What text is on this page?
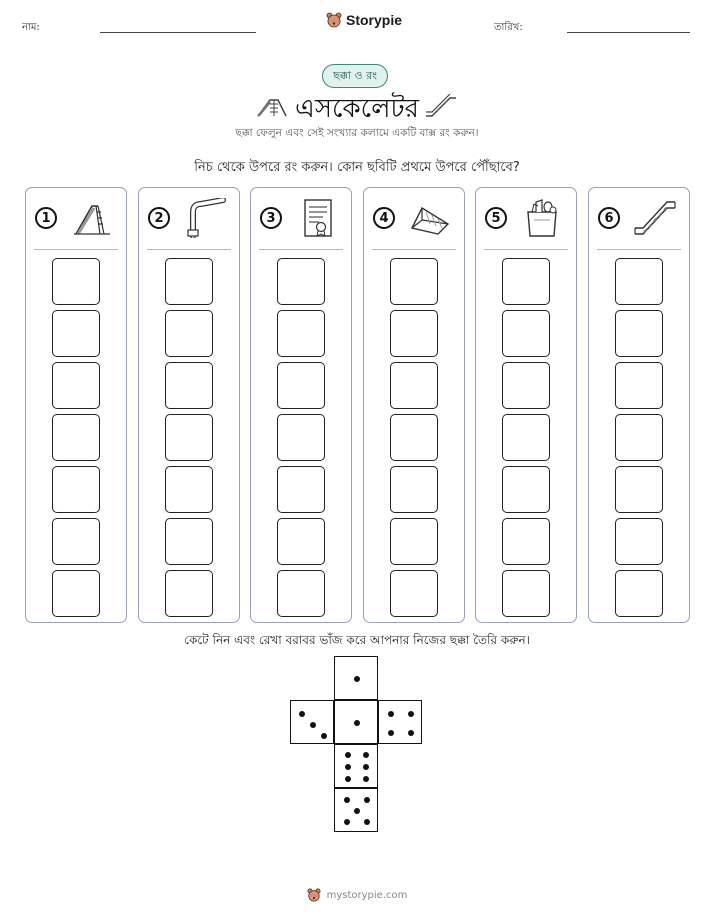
নাম:	Storypie	তারিখ:
ছক্কা ও রং
এসকেলেটর
ছক্কা ফেলুন এবং সেই সংখ্যার কলামে একটি বাক্স রং করুন।
নিচ থেকে উপরে রং করুন। কোন ছবিটি প্রথমে উপরে পৌঁছাবে?
1	2	3	4	5	6
কেটে নিন এবং রেখা বরাবর ভাঁজ করে আপনার নিজের ছক্কা তৈরি করুন।
mystorypie.com
